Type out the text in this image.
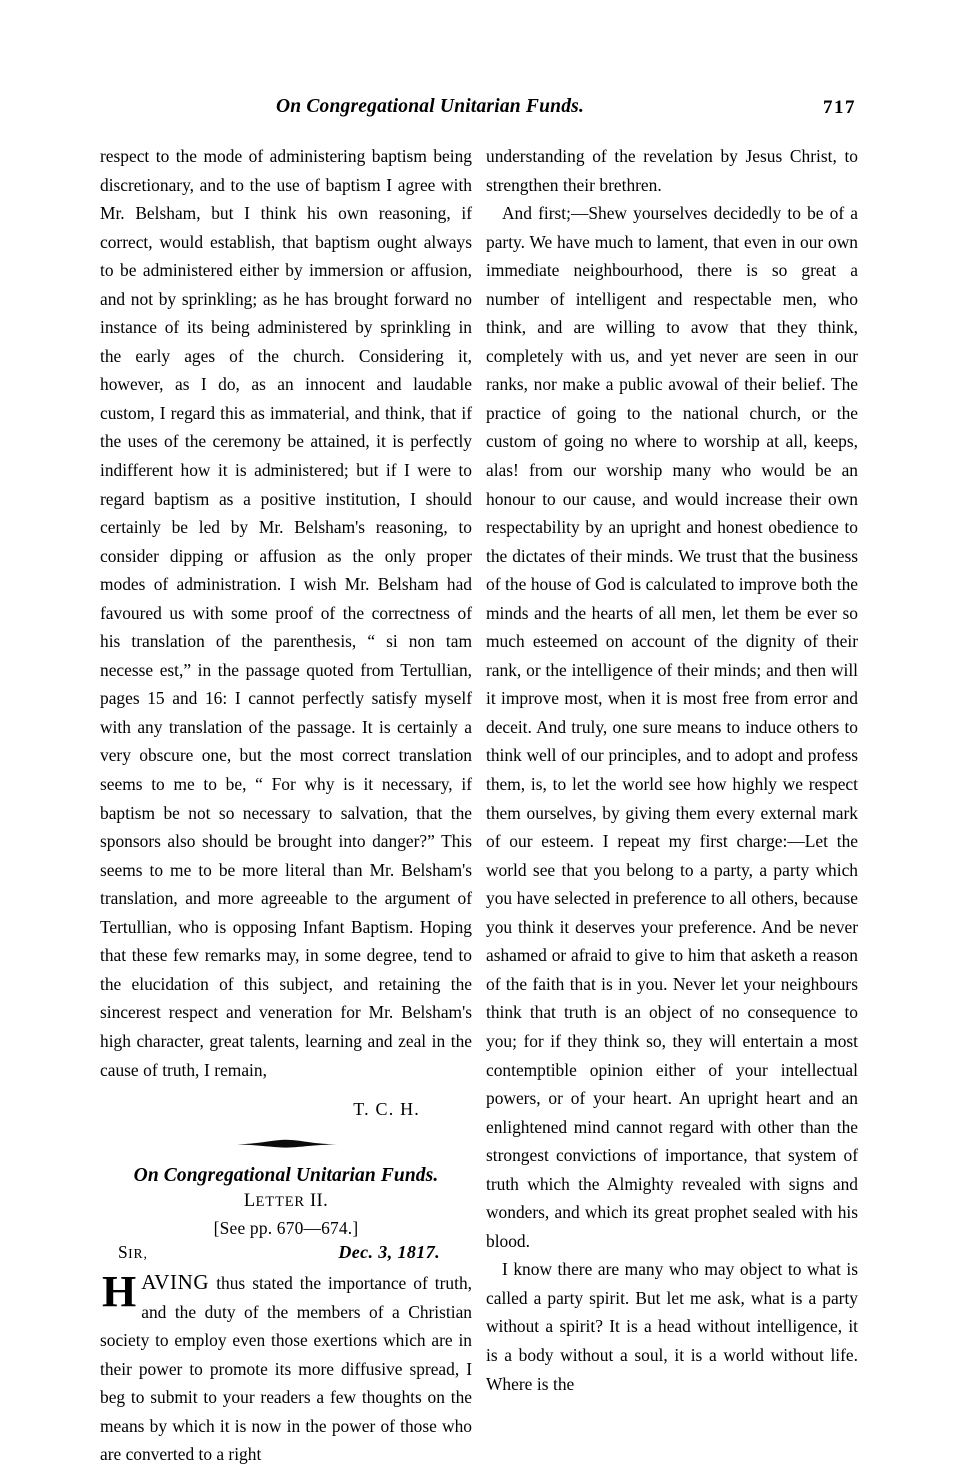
On Congregational Unitarian Funds.	717

respect to the mode of administering baptism being discretionary, and to the use of baptism I agree with Mr. Belsham, but I think his own reasoning, if correct, would establish, that baptism ought always to be administered either by immersion or affusion, and not by sprinkling; as he has brought forward no instance of its being administered by sprinkling in the early ages of the church. Considering it, however, as I do, as an innocent and laudable custom, I regard this as immaterial, and think, that if the uses of the ceremony be attained, it is perfectly indifferent how it is administered; but if I were to regard baptism as a positive institution, I should certainly be led by Mr. Belsham's reasoning, to consider dipping or affusion as the only proper modes of administration. I wish Mr. Belsham had favoured us with some proof of the correctness of his translation of the parenthesis, “ si non tam necesse est,” in the passage quoted from Tertullian, pages 15 and 16: I cannot perfectly satisfy myself with any translation of the passage. It is certainly a very obscure one, but the most correct translation seems to me to be, “ For why is it necessary, if baptism be not so necessary to salvation, that the sponsors also should be brought into danger?” This seems to me to be more literal than Mr. Belsham's translation, and more agreeable to the argument of Tertullian, who is opposing Infant Baptism. Hoping that these few remarks may, in some degree, tend to the elucidation of this subject, and retaining the sincerest respect and veneration for Mr. Belsham's high character, great talents, learning and zeal in the cause of truth, I remain,

T. C. H.

On Congregational Unitarian Funds.

LETTER II.

[See pp. 670—674.]

SIR,	Dec. 3, 1817.

HAVING thus stated the importance of truth, and the duty of the members of a Christian society to employ even those exertions which are in their power to promote its more diffusive spread, I beg to submit to your readers a few thoughts on the means by which it is now in the power of those who are converted to a right

understanding of the revelation by Jesus Christ, to strengthen their brethren.

And first;—Shew yourselves decidedly to be of a party. We have much to lament, that even in our own immediate neighbourhood, there is so great a number of intelligent and respectable men, who think, and are willing to avow that they think, completely with us, and yet never are seen in our ranks, nor make a public avowal of their belief. The practice of going to the national church, or the custom of going no where to worship at all, keeps, alas! from our worship many who would be an honour to our cause, and would increase their own respectability by an upright and honest obedience to the dictates of their minds. We trust that the business of the house of God is calculated to improve both the minds and the hearts of all men, let them be ever so much esteemed on account of the dignity of their rank, or the intelligence of their minds; and then will it improve most, when it is most free from error and deceit. And truly, one sure means to induce others to think well of our principles, and to adopt and profess them, is, to let the world see how highly we respect them ourselves, by giving them every external mark of our esteem. I repeat my first charge:—Let the world see that you belong to a party, a party which you have selected in preference to all others, because you think it deserves your preference. And be never ashamed or afraid to give to him that asketh a reason of the faith that is in you. Never let your neighbours think that truth is an object of no consequence to you; for if they think so, they will entertain a most contemptible opinion either of your intellectual powers, or of your heart. An upright heart and an enlightened mind cannot regard with other than the strongest convictions of importance, that system of truth which the Almighty revealed with signs and wonders, and which its great prophet sealed with his blood.

I know there are many who may object to what is called a party spirit. But let me ask, what is a party without a spirit? It is a head without intelligence, it is a body without a soul, it is a world without life. Where is the
